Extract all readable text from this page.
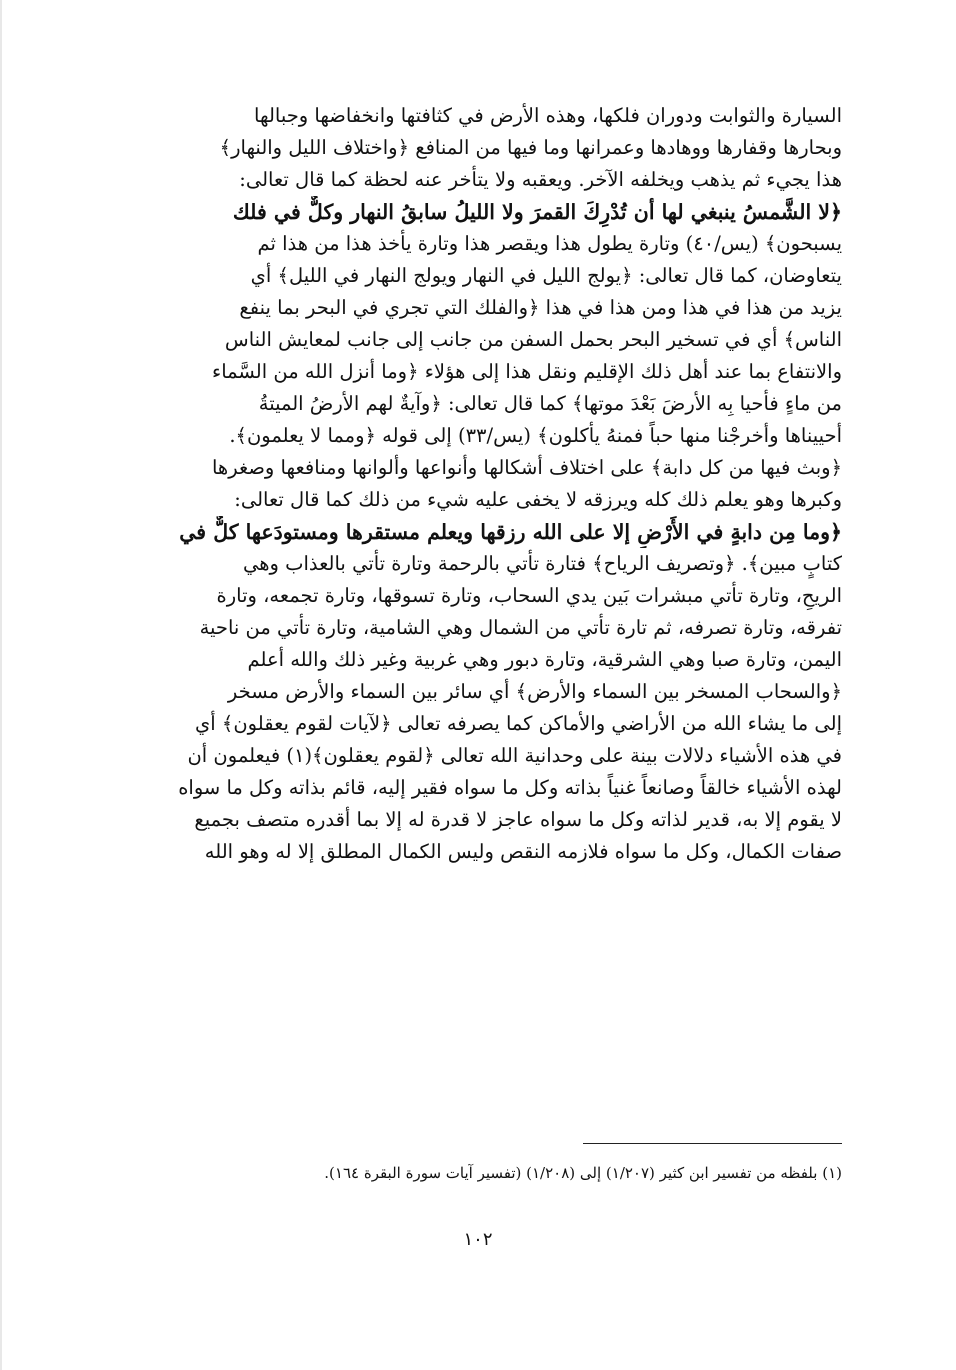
السيارة والثوابت ودوران فلكها، وهذه الأرض في كثافتها وانخفاضها وجبالها
وبحارها وقفارها ووهادها وعمرانها وما فيها من المنافع ﴿واختلاف الليل والنهار﴾
هذا يجيء ثم يذهب ويخلفه الآخر. ويعقبه ولا يتأخر عنه لحظة كما قال تعالى:
﴿لا الشَّمسُ ينبغي لها أن تُدْرِكَ القمرَ ولا الليلُ سابقُ النهار وكلٌّ في فلك
يسبحون﴾ (يس/٤٠) وتارة يطول هذا ويقصر هذا وتارة يأخذ هذا من هذا ثم
يتعاوضان، كما قال تعالى: ﴿يولج الليل في النهار ويولج النهار في الليل﴾ أي
يزيد من هذا في هذا ومن هذا في هذا ﴿والفلك التي تجري في البحر بما ينفع
الناس﴾ أي في تسخير البحر بحمل السفن من جانب إلى جانب لمعايش الناس
والانتفاع بما عند أهل ذلك الإقليم ونقل هذا إلى هؤلاء ﴿وما أنزل الله من السَّماء
من ماءٍ فأحيا بِه الأرضَ بَعْدَ موتها﴾ كما قال تعالى: ﴿وآيةٌ لهم الأرضُ الميتةُ
أحييناها وأخرجْنا منها حباً فمنهُ يأكلون﴾ (يس/٣٣) إلى قوله ﴿ومما لا يعلمون﴾.
﴿وبث فيها من كل دابة﴾ على اختلاف أشكالها وأنواعها وألوانها ومنافعها وصغرها
وكبرها وهو يعلم ذلك كله ويرزقه لا يخفى عليه شيء من ذلك كما قال تعالى:
﴿وما مِن دابةٍ في الأَرْضِ إلا على الله رزقها ويعلم مستقرها ومستودَعها كلٌّ في
كتابٍ مبين﴾. ﴿وتصريف الرياح﴾ فتارة تأتي بالرحمة وتارة تأتي بالعذاب وهي
الريحِ، وتارة تأتي مبشرات بَين يدي السحاب، وتارة تسوقها، وتارة تجمعه، وتارة
تفرقه، وتارة تصرفه، ثم تارة تأتي من الشمال وهي الشامية، وتارة تأتي من ناحية
اليمن، وتارة صبا وهي الشرقية، وتارة دبور وهي غربية وغير ذلك والله أعلم
﴿والسحاب المسخر بين السماء والأرض﴾ أي سائر بين السماء والأرض مسخر
إلى ما يشاء الله من الأراضي والأماكن كما يصرفه تعالى ﴿لآيات لقوم يعقلون﴾ أي
في هذه الأشياء دلالات بينة على وحدانية الله تعالى ﴿لقوم يعقلون﴾(١) فيعلمون أن
لهذه الأشياء خالقاً وصانعاً غنياً بذاته وكل ما سواه فقير إليه، قائم بذاته وكل ما سواه
لا يقوم إلا به، قدير لذاته وكل ما سواه عاجز لا قدرة له إلا بما أقدره متصف بجميع
صفات الكمال، وكل ما سواه فلازمه النقص وليس الكمال المطلق إلا له وهو الله
(١) بلفظه من تفسير ابن كثير (١/٢٠٧) إلى (١/٢٠٨) (تفسير آيات سورة البقرة ١٦٤).
١٠٢
